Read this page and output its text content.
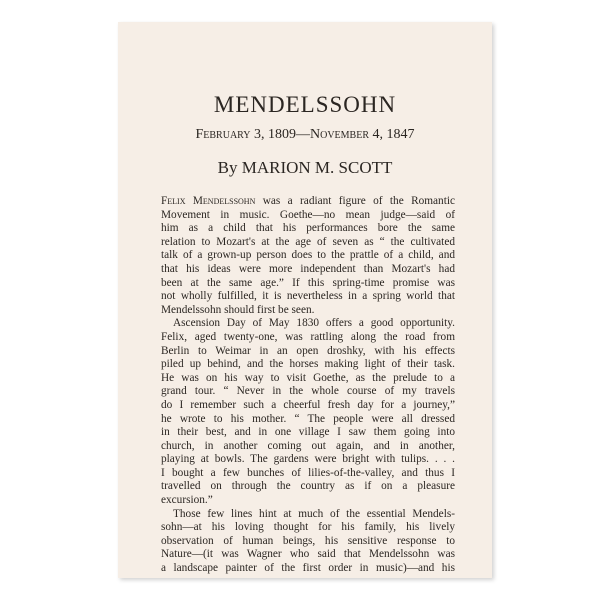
MENDELSSOHN
February 3, 1809—November 4, 1847
By MARION M. SCOTT
Felix Mendelssohn was a radiant figure of the Romantic
Movement in music. Goethe—no mean judge—said of
him as a child that his performances bore the same
relation to Mozart's at the age of seven as “ the cultivated
talk of a grown-up person does to the prattle of a child, and
that his ideas were more independent than Mozart's had
been at the same age.” If this spring-time promise was
not wholly fulfilled, it is nevertheless in a spring world that
Mendelssohn should first be seen.
Ascension Day of May 1830 offers a good opportunity.
Felix, aged twenty-one, was rattling along the road from
Berlin to Weimar in an open droshky, with his effects
piled up behind, and the horses making light of their task.
He was on his way to visit Goethe, as the prelude to a
grand tour. “ Never in the whole course of my travels
do I remember such a cheerful fresh day for a journey,”
he wrote to his mother. “ The people were all dressed
in their best, and in one village I saw them going into
church, in another coming out again, and in another,
playing at bowls. The gardens were bright with tulips. . . .
I bought a few bunches of lilies-of-the-valley, and thus I
travelled on through the country as if on a pleasure
excursion.”
Those few lines hint at much of the essential Mendels-
sohn—at his loving thought for his family, his lively
observation of human beings, his sensitive response to
Nature—(it was Wagner who said that Mendelssohn was
a landscape painter of the first order in music)—and his
